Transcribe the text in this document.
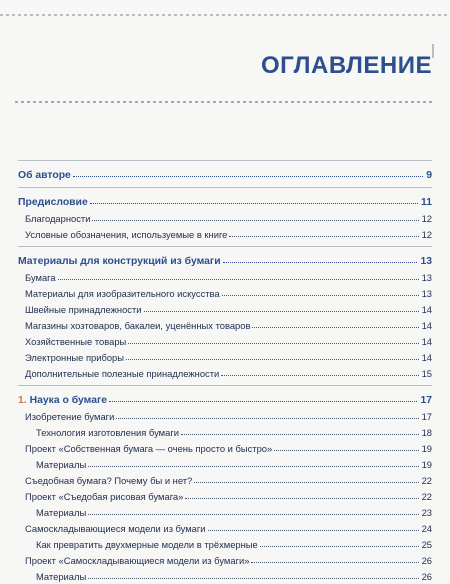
ОГЛАВЛЕНИЕ
Об авторе	9
Предисловие	11
Благодарности	12
Условные обозначения, используемые в книге	12
Материалы для конструкций из бумаги	13
Бумага	13
Материалы для изобразительного искусства	13
Швейные принадлежности	14
Магазины хозтоваров, бакалеи, уценённых товаров	14
Хозяйственные товары	14
Электронные приборы	14
Дополнительные полезные принадлежности	15
1. Наука о бумаге	17
Изобретение бумаги	17
Технология изготовления бумаги	18
Проект «Собственная бумага — очень просто и быстро»	19
Материалы	19
Съедобная бумага? Почему бы и нет?	22
Проект «Съедобая рисовая бумага»	22
Материалы	23
Самоскладывающиеся модели из бумаги	24
Как превратить двухмерные модели в трёхмерные	25
Проект «Самоскладывающиеся модели из бумаги»	26
Материалы	26
